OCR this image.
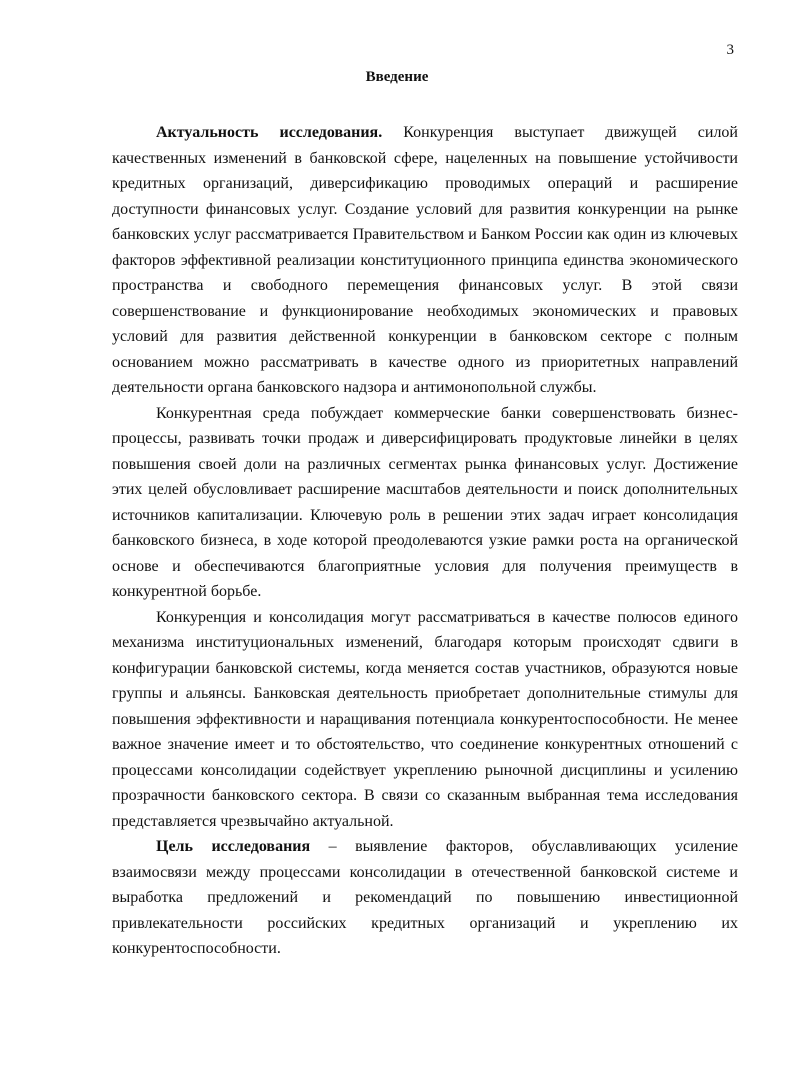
3
Введение

Актуальность исследования. Конкуренция выступает движущей силой качественных изменений в банковской сфере, нацеленных на повышение устойчивости кредитных организаций, диверсификацию проводимых операций и расширение доступности финансовых услуг. Создание условий для развития конкуренции на рынке банковских услуг рассматривается Правительством и Банком России как один из ключевых факторов эффективной реализации конституционного принципа единства экономического пространства и свободного перемещения финансовых услуг. В этой связи совершенствование и функционирование необходимых экономических и правовых условий для развития действенной конкуренции в банковском секторе с полным основанием можно рассматривать в качестве одного из приоритетных направлений деятельности органа банковского надзора и антимонопольной службы.

Конкурентная среда побуждает коммерческие банки совершенствовать бизнес-процессы, развивать точки продаж и диверсифицировать продуктовые линейки в целях повышения своей доли на различных сегментах рынка финансовых услуг. Достижение этих целей обусловливает расширение масштабов деятельности и поиск дополнительных источников капитализации. Ключевую роль в решении этих задач играет консолидация банковского бизнеса, в ходе которой преодолеваются узкие рамки роста на органической основе и обеспечиваются благоприятные условия для получения преимуществ в конкурентной борьбе.

Конкуренция и консолидация могут рассматриваться в качестве полюсов единого механизма институциональных изменений, благодаря которым происходят сдвиги в конфигурации банковской системы, когда меняется состав участников, образуются новые группы и альянсы. Банковская деятельность приобретает дополнительные стимулы для повышения эффективности и наращивания потенциала конкурентоспособности. Не менее важное значение имеет и то обстоятельство, что соединение конкурентных отношений с процессами консолидации содействует укреплению рыночной дисциплины и усилению прозрачности банковского сектора. В связи со сказанным выбранная тема исследования представляется чрезвычайно актуальной.

Цель исследования – выявление факторов, обуславливающих усиление взаимосвязи между процессами консолидации в отечественной банковской системе и выработка предложений и рекомендаций по повышению инвестиционной привлекательности российских кредитных организаций и укреплению их конкурентоспособности.
